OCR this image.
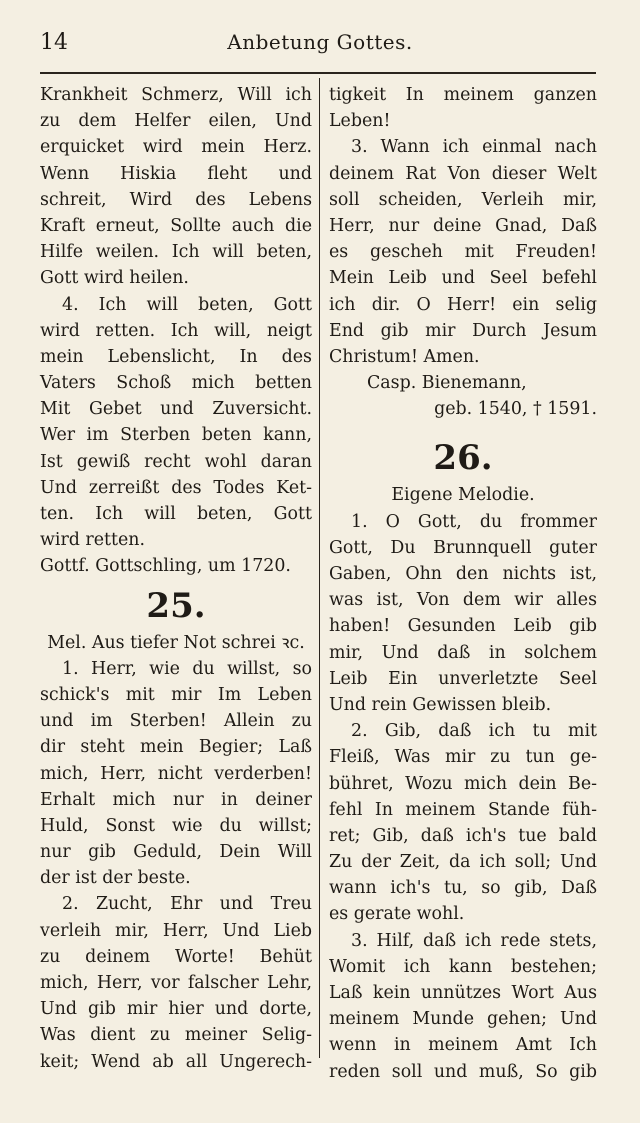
14	Anbetung Gottes.
Krankheit Schmerz, Will ich
zu dem Helfer eilen, Und
erquicket wird mein Herz.
Wenn Hiskia fleht und
schreit, Wird des Lebens
Kraft erneut, Sollte auch die
Hilfe weilen. Ich will beten,
Gott wird heilen.
4. Ich will beten, Gott
wird retten. Ich will, neigt
mein Lebenslicht, In des
Vaters Schoß mich betten
Mit Gebet und Zuversicht.
Wer im Sterben beten kann,
Ist gewiß recht wohl daran
Und zerreißt des Todes Ket-
ten. Ich will beten, Gott
wird retten.
Gottf. Gottschling, um 1720.
25.
Mel. Aus tiefer Not schrei ꝛc.
1. Herr, wie du willst, so
schick's mit mir Im Leben
und im Sterben! Allein zu
dir steht mein Begier; Laß
mich, Herr, nicht verderben!
Erhalt mich nur in deiner
Huld, Sonst wie du willst;
nur gib Geduld, Dein Will
der ist der beste.
2. Zucht, Ehr und Treu
verleih mir, Herr, Und Lieb
zu deinem Worte! Behüt
mich, Herr, vor falscher Lehr,
Und gib mir hier und dorte,
Was dient zu meiner Selig-
keit; Wend ab all Ungerech-
tigkeit In meinem ganzen
Leben!
3. Wann ich einmal nach
deinem Rat Von dieser Welt
soll scheiden, Verleih mir,
Herr, nur deine Gnad, Daß
es gescheh mit Freuden!
Mein Leib und Seel befehl
ich dir. O Herr! ein selig
End gib mir Durch Jesum
Christum! Amen.
Casp. Bienemann,
geb. 1540, † 1591.
26.
Eigene Melodie.
1. O Gott, du frommer
Gott, Du Brunnquell guter
Gaben, Ohn den nichts ist,
was ist, Von dem wir alles
haben! Gesunden Leib gib
mir, Und daß in solchem
Leib Ein unverletzte Seel
Und rein Gewissen bleib.
2. Gib, daß ich tu mit
Fleiß, Was mir zu tun ge-
bühret, Wozu mich dein Be-
fehl In meinem Stande füh-
ret; Gib, daß ich's tue bald
Zu der Zeit, da ich soll; Und
wann ich's tu, so gib, Daß
es gerate wohl.
3. Hilf, daß ich rede stets,
Womit ich kann bestehen;
Laß kein unnützes Wort Aus
meinem Munde gehen; Und
wenn in meinem Amt Ich
reden soll und muß, So gib
